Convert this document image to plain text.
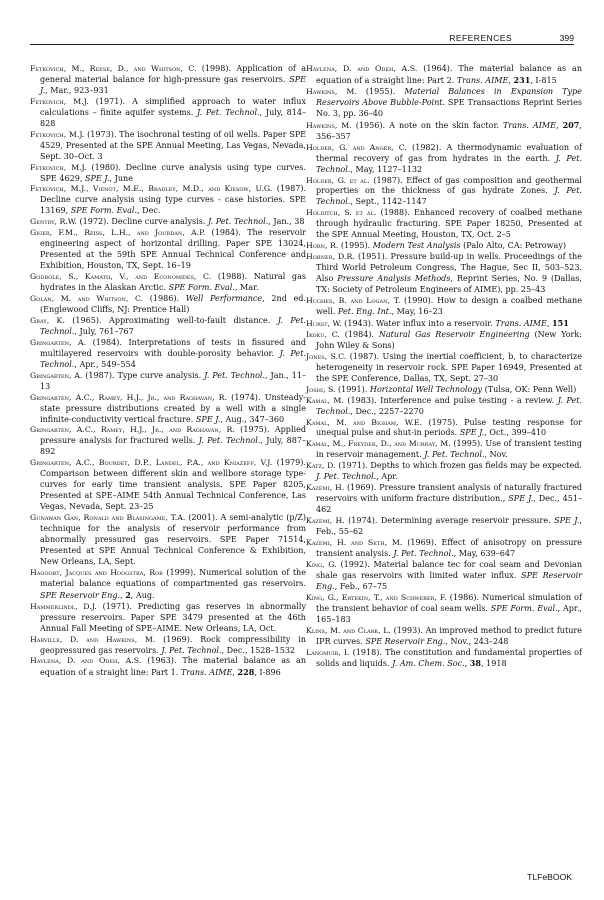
REFERENCES	399

Fetkovich, M., Reese, D., and Whitson, C. (1998). Application of a general material balance for high-pressure gas reservoirs. SPE J., Mar., 923–931

Fetkovich, M.J. (1971). A simplified approach to water influx calculations – finite aquifer systems. J. Pet. Technol., July, 814–828

Fetkovich, M.J. (1973). The isochronal testing of oil wells. Paper SPE 4529, Presented at the SPE Annual Meeting, Las Vegas, Nevada, Sept. 30–Oct. 3

Fetkovich, M.J. (1980). Decline curve analysis using type curves. SPE 4629, SPE J., June

Fetkovich, M.J., Vienot, M.E., Bradley, M.D., and Kiesow, U.G. (1987). Decline curve analysis using type curves - case histories. SPE 13169, SPE Form. Eval., Dec.

Gentry, R.W. (1972). Decline curve analysis. J. Pet. Technol., Jan., 38

Giger, F.M., Reiss, L.H., and Jourdan, A.P. (1984). The reservoir engineering aspect of horizontal drilling. Paper SPE 13024, Presented at the 59th SPE Annual Technical Conference and Exhibition, Houston, TX, Sept. 16–19

Godbole, S., Kamath, V., and Economides, C. (1988). Natural gas hydrates in the Alaskan Arctic. SPE Form. Eval., Mar.

Golan, M. and Whitson, C. (1986). Well Performance, 2nd ed. (Englewood Cliffs, NJ: Prentice Hall)

Gray, K. (1965). Approximating well-to-fault distance. J. Pet. Technol., July, 761–767

Gringarten, A. (1984). Interpretations of tests in fissured and multilayered reservoirs with double-porosity behavior. J. Pet. Technol., Apr., 549–554

Gringarten, A. (1987). Type curve analysis. J. Pet. Technol., Jan., 11–13

Gringarten, A.C., Ramey, H.J., Jr., and Raghavan, R. (1974). Unsteady-state pressure distributions created by a well with a single infinite-conductivity vertical fracture. SPE J., Aug., 347–360

Gringarten, A.C., Ramey, H.J., Jr., and Raghavan, R. (1975). Applied pressure analysis for fractured wells. J. Pet. Technol., July, 887–892

Gringarten, A.C., Bourdet, D.P., Landel, P.A., and Kniazeff, V.J. (1979). Comparison between different skin and wellbore storage type-curves for early time transient analysis. SPE Paper 8205, Presented at SPE–AIME 54th Annual Technical Conference, Las Vegas, Nevada, Sept. 23–25

Gunawan Gan, Ronald and Blasingame, T.A. (2001). A semi-analytic (p/Z) technique for the analysis of reservoir performance from abnormally pressured gas reservoirs. SPE Paper 71514, Presented at SPE Annual Technical Conference & Exhibition, New Orleans, LA, Sept.

Hagoort, Jacques and Hoogstra, Rob (1999). Numerical solution of the material balance equations of compartmented gas reservoirs. SPE Reservoir Eng., 2, Aug.

Hammerlindl, D.J. (1971). Predicting gas reserves in abnormally pressure reservoirs. Paper SPE 3479 presented at the 46th Annual Fall Meeting of SPE–AIME. New Orleans, LA, Oct.

Harville, D. and Hawkins, M. (1969). Rock compressibility in geopressured gas reservoirs. J. Pet. Technol., Dec., 1528–1532

Havlena, D. and Odeh, A.S. (1963). The material balance as an equation of a straight line: Part 1. Trans. AIME, 228, I-896

Havlena, D. and Odeh, A.S. (1964). The material balance as an equation of a straight line: Part 2. Trans. AIME, 231, I-815

Hawkins, M. (1955). Material Balances in Expansion Type Reservoirs Above Bubble-Point. SPE Transactions Reprint Series No. 3, pp. 36–40

Hawkins, M. (1956). A note on the skin factor. Trans. AIME, 207, 356–357

Holder, G. and Anger, C. (1982). A thermodynamic evaluation of thermal recovery of gas from hydrates in the earth. J. Pet. Technol., May, 1127–1132

Holder, G. et al. (1987). Effect of gas composition and geothermal properties on the thickness of gas hydrate Zones. J. Pet. Technol., Sept., 1142–1147

Holditch, S. et al. (1988). Enhanced recovery of coalbed methane through hydraulic fracturing. SPE Paper 18250, Presented at the SPE Annual Meeting, Houston, TX, Oct. 2–5

Horn, R. (1995). Modern Test Analysis (Palo Alto, CA: Petroway)

Horner, D.R. (1951). Pressure build-up in wells. Proceedings of the Third World Petroleum Congress, The Hague, Sec II, 503–523. Also Pressure Analysis Methods, Reprint Series, No. 9 (Dallas, TX: Society of Petroleum Engineers of AIME), pp. 25–43

Hughes, B. and Logan, T. (1990). How to design a coalbed methane well. Pet. Eng. Int., May, 16–23

Hurst, W. (1943). Water influx into a reservoir. Trans. AIME, 151

Ikoku, C. (1984). Natural Gas Reservoir Engineering (New York: John Wiley & Sons)

Jones, S.C. (1987). Using the inertial coefficient, b, to characterize heterogeneity in reservoir rock. SPE Paper 16949, Presented at the SPE Conference, Dallas, TX, Sept. 27–30

Joshi, S. (1991). Horizontal Well Technology (Tulsa, OK: Penn Well)

Kamal, M. (1983). Interference and pulse testing - a review. J. Pet. Technol., Dec., 2257–2270

Kamal, M. and Bigham, W.E. (1975). Pulse testing response for unequal pulse and shut-in periods. SPE J., Oct., 399–410

Kamal, M., Freyder, D., and Murray, M. (1995). Use of transient testing in reservoir management. J. Pet. Technol., Nov.

Katz, D. (1971). Depths to which frozen gas fields may be expected. J. Pet. Technol., Apr.

Kazemi, H. (1969). Pressure transient analysis of naturally fractured reservoirs with uniform fracture distribution., SPE J., Dec., 451–462

Kazemi, H. (1974). Determining average reservoir pressure. SPE J., Feb., 55–62

Kazemi, H. and Seth, M. (1969). Effect of anisotropy on pressure transient analysis. J. Pet. Technol., May, 639–647

King, G. (1992). Material balance tec for coal seam and Devonian shale gas reservoirs with limited water influx. SPE Reservoir Eng., Feb., 67–75

King, G., Ertekin, T., and Schwerer, F. (1986). Numerical simulation of the transient behavior of coal seam wells. SPE Form. Eval., Apr., 165–183

Klins, M. and Clark, L. (1993). An improved method to predict future IPR curves. SPE Reservoir Eng., Nov., 243–248

Langmuir, I. (1918). The constitution and fundamental properties of solids and liquids. J. Am. Chem. Soc., 38, 1918

TLFeBOOK
